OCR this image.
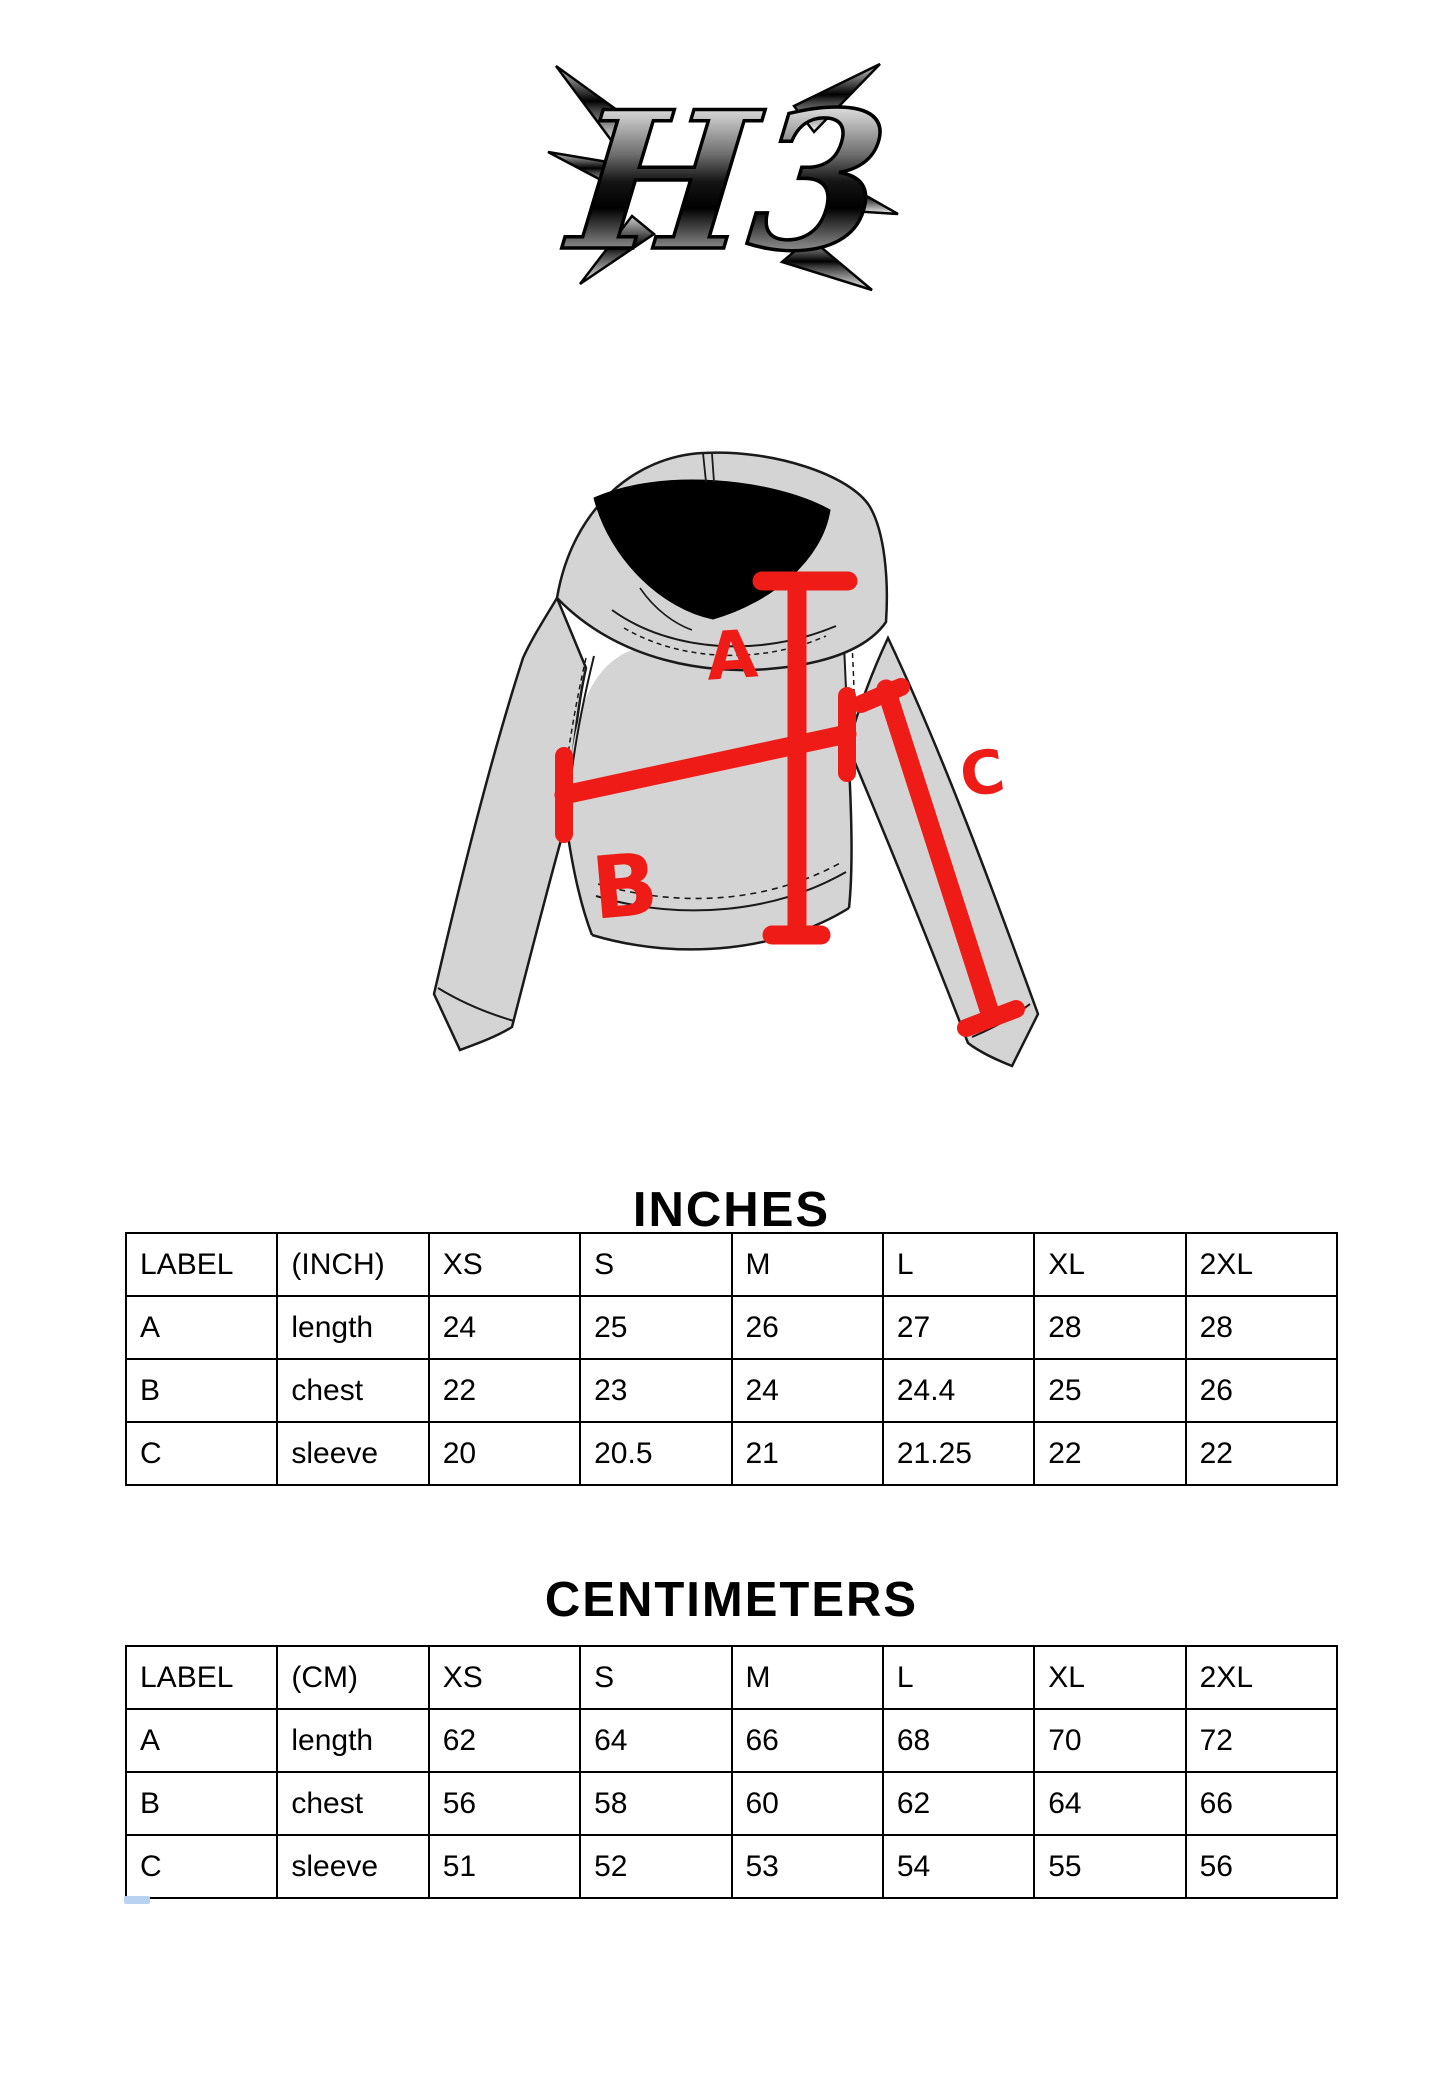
H3
A
B
C
INCHES
LABEL	(INCH)	XS	S	M	L	XL	2XL
A	length	24	25	26	27	28	28
B	chest	22	23	24	24.4	25	26
C	sleeve	20	20.5	21	21.25	22	22
CENTIMETERS
LABEL	(CM)	XS	S	M	L	XL	2XL
A	length	62	64	66	68	70	72
B	chest	56	58	60	62	64	66
C	sleeve	51	52	53	54	55	56
